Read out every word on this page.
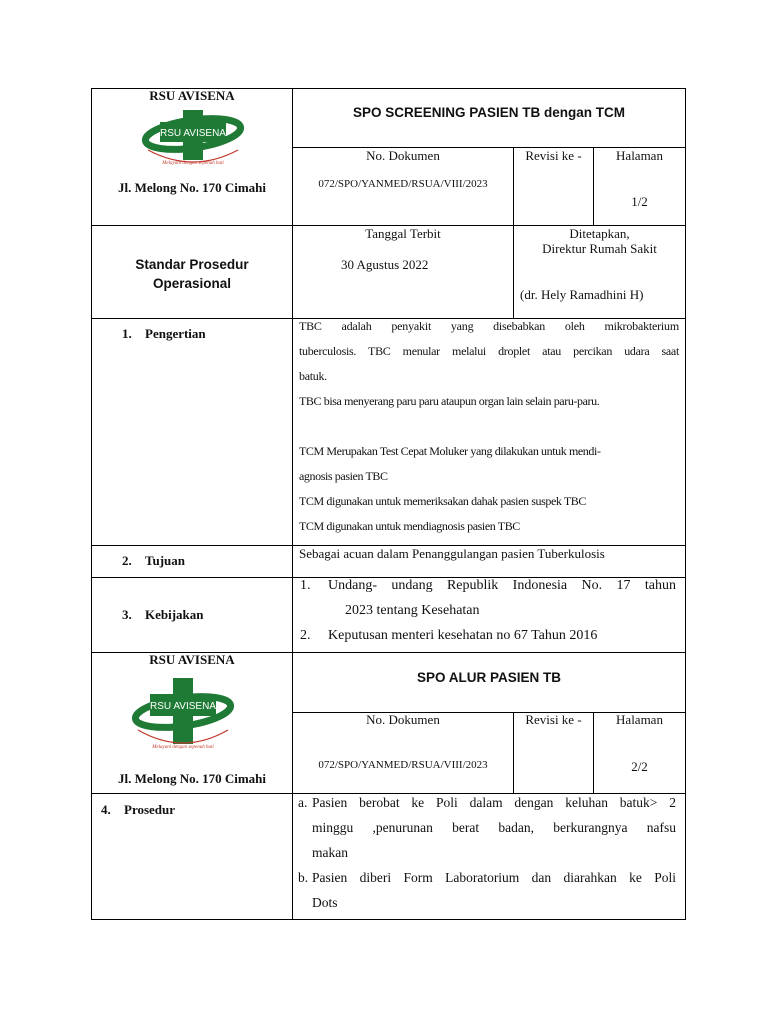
RSU AVISENA
RSU AVISENA
Melayani dengan sepenuh hati
Jl. Melong No. 170 Cimahi
SPO SCREENING PASIEN TB dengan TCM
No. Dokumen
072/SPO/YANMED/RSUA/VIII/2023
Revisi ke -	Halaman
1/2
Standar Prosedur
Operasional
Tanggal Terbit
30 Agustus 2022
Ditetapkan,
Direktur Rumah Sakit
(dr. Hely Ramadhini H)
1. Pengertian	TBC adalah penyakit yang disebabkan oleh mikrobakterium
tuberculosis. TBC menular melalui droplet atau percikan udara saat
batuk.
TBC bisa menyerang paru paru ataupun organ lain selain paru-paru.
TCM Merupakan Test Cepat Moluker yang dilakukan untuk mendi-
agnosis pasien TBC
TCM digunakan untuk memeriksakan dahak pasien suspek TBC
TCM digunakan untuk mendiagnosis pasien TBC
2. Tujuan	Sebagai acuan dalam Penanggulangan pasien Tuberkulosis
3. Kebijakan
1. Undang- undang Republik Indonesia No. 17 tahun
2023 tentang Kesehatan
2. Keputusan menteri kesehatan no 67 Tahun 2016
RSU AVISENA
RSU AVISENA
Melayani dengan sepenuh hati
Jl. Melong No. 170 Cimahi
SPO ALUR PASIEN TB
No. Dokumen
072/SPO/YANMED/RSUA/VIII/2023
Revisi ke -	Halaman
2/2
4. Prosedur	a. Pasien berobat ke Poli dalam dengan keluhan batuk> 2
minggu ,penurunan berat badan, berkurangnya nafsu
makan
b. Pasien diberi Form Laboratorium dan diarahkan ke Poli
Dots
